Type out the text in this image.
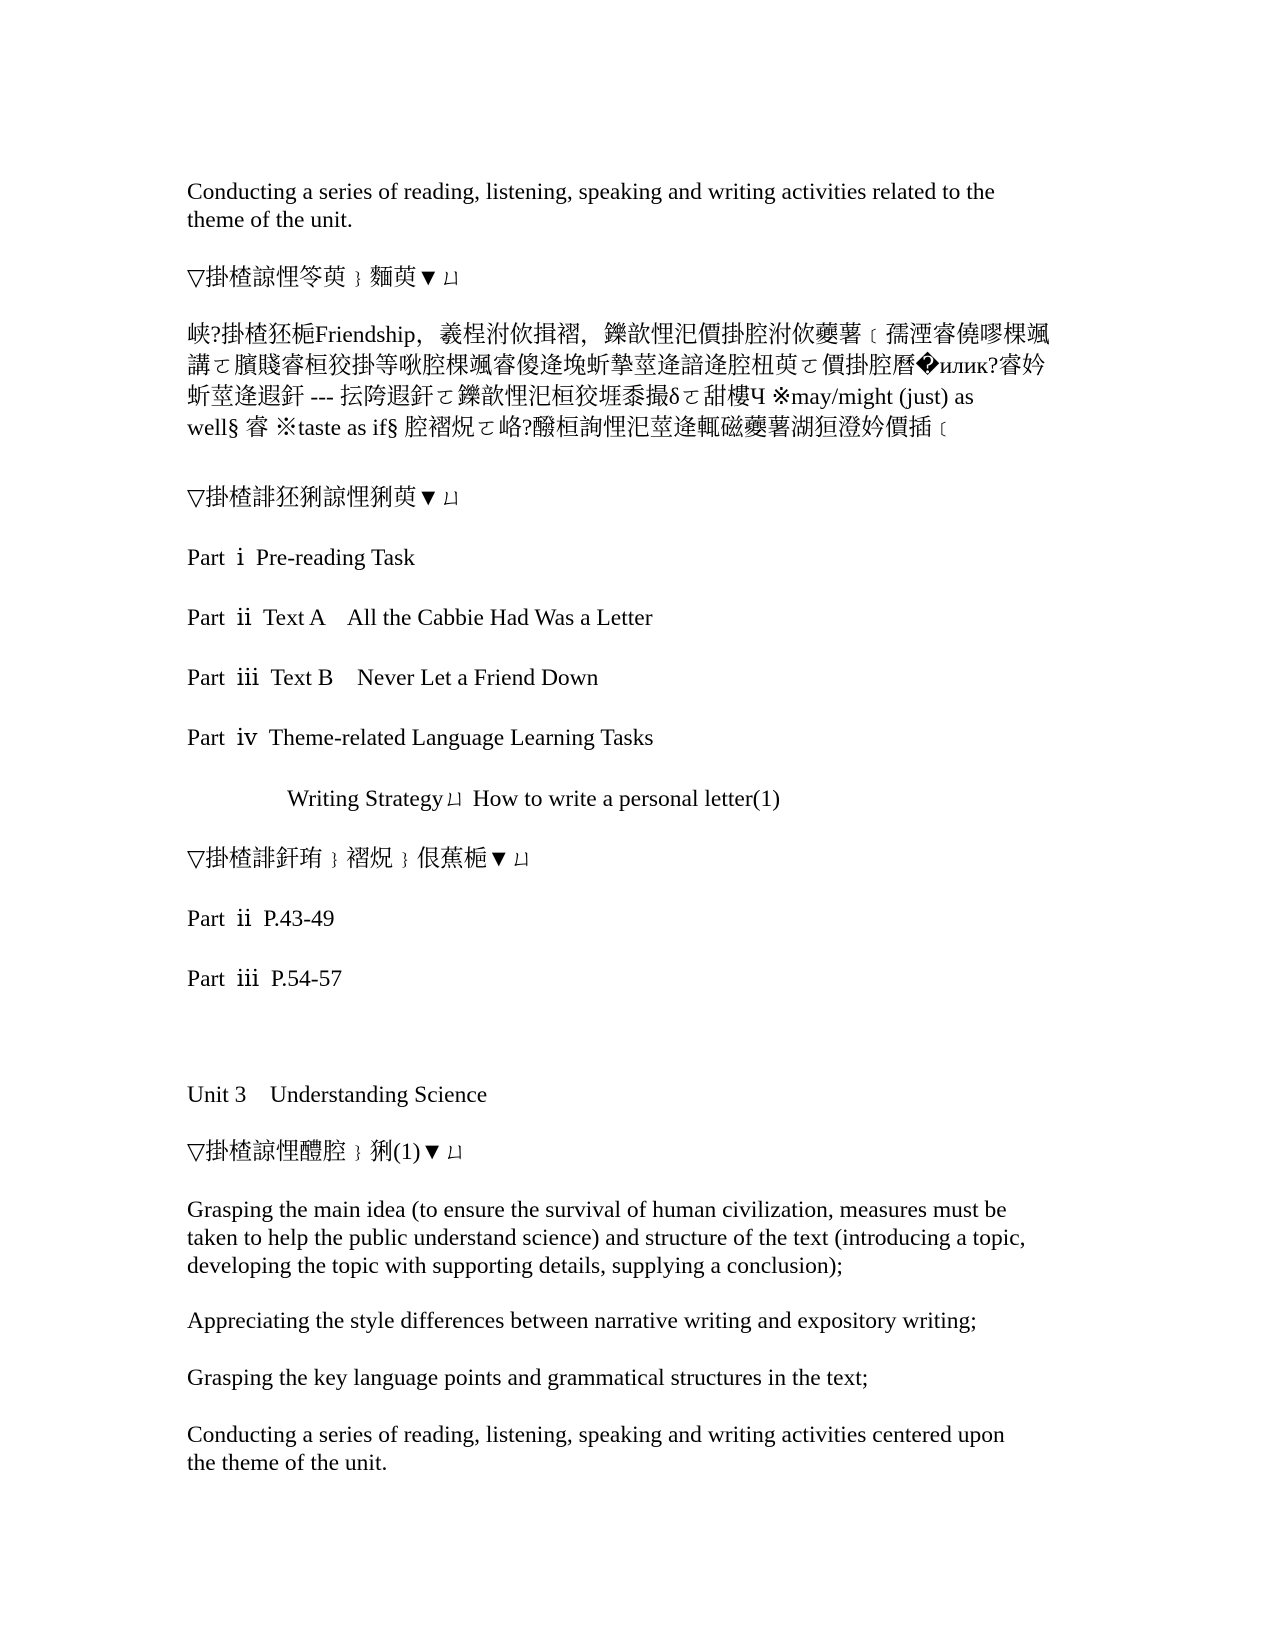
Conducting a series of reading, listening, speaking and writing activities related to the
theme of the unit.

▽掛楂諒悝笭萸﹜麵萸▼ㄩ

峡?掛楂狉梔Friendship，羲桯泭佽揖褶，鑠歆悝汜價掛腔泭佽虁薯﹝孺湮睿僥嘐棵颯
講ㄛ臏賤睿桓狡掛等唙腔棵颯睿傻逄堍蚚摯莖逄諳逄腔杻萸ㄛ價掛腔曆�илик?睿妗
蚚莖逄遐釬 --- 抎陓遐釬ㄛ鑠歆悝汜桓狡堐黍撮δㄛ甜樓Ч ※may/might (just) as
well§ 睿 ※taste as if§ 腔褶炾ㄛ峈?醱桓詢悝汜莖逄輒磁虁薯湖狟澄妗價插﹝

▽掛楂誹狉猁諒悝猁萸▼ㄩ

Part  ⅰ  Pre-reading Task

Part  ⅱ  Text A    All the Cabbie Had Was a Letter

Part  ⅲ  Text B    Never Let a Friend Down

Part  ⅳ  Theme-related Language Learning Tasks

Writing Strategyㄩ How to write a personal letter(1)

▽掛楂誹釬珛﹜褶炾﹜佷蕉梔▼ㄩ

Part  ⅱ  P.43-49

Part  ⅲ  P.54-57

Unit 3    Understanding Science

▽掛楂諒悝醴腔﹜猁(1)▼ㄩ

Grasping the main idea (to ensure the survival of human civilization, measures must be
taken to help the public understand science) and structure of the text (introducing a topic,
developing the topic with supporting details, supplying a conclusion);

Appreciating the style differences between narrative writing and expository writing;

Grasping the key language points and grammatical structures in the text;

Conducting a series of reading, listening, speaking and writing activities centered upon
the theme of the unit.
